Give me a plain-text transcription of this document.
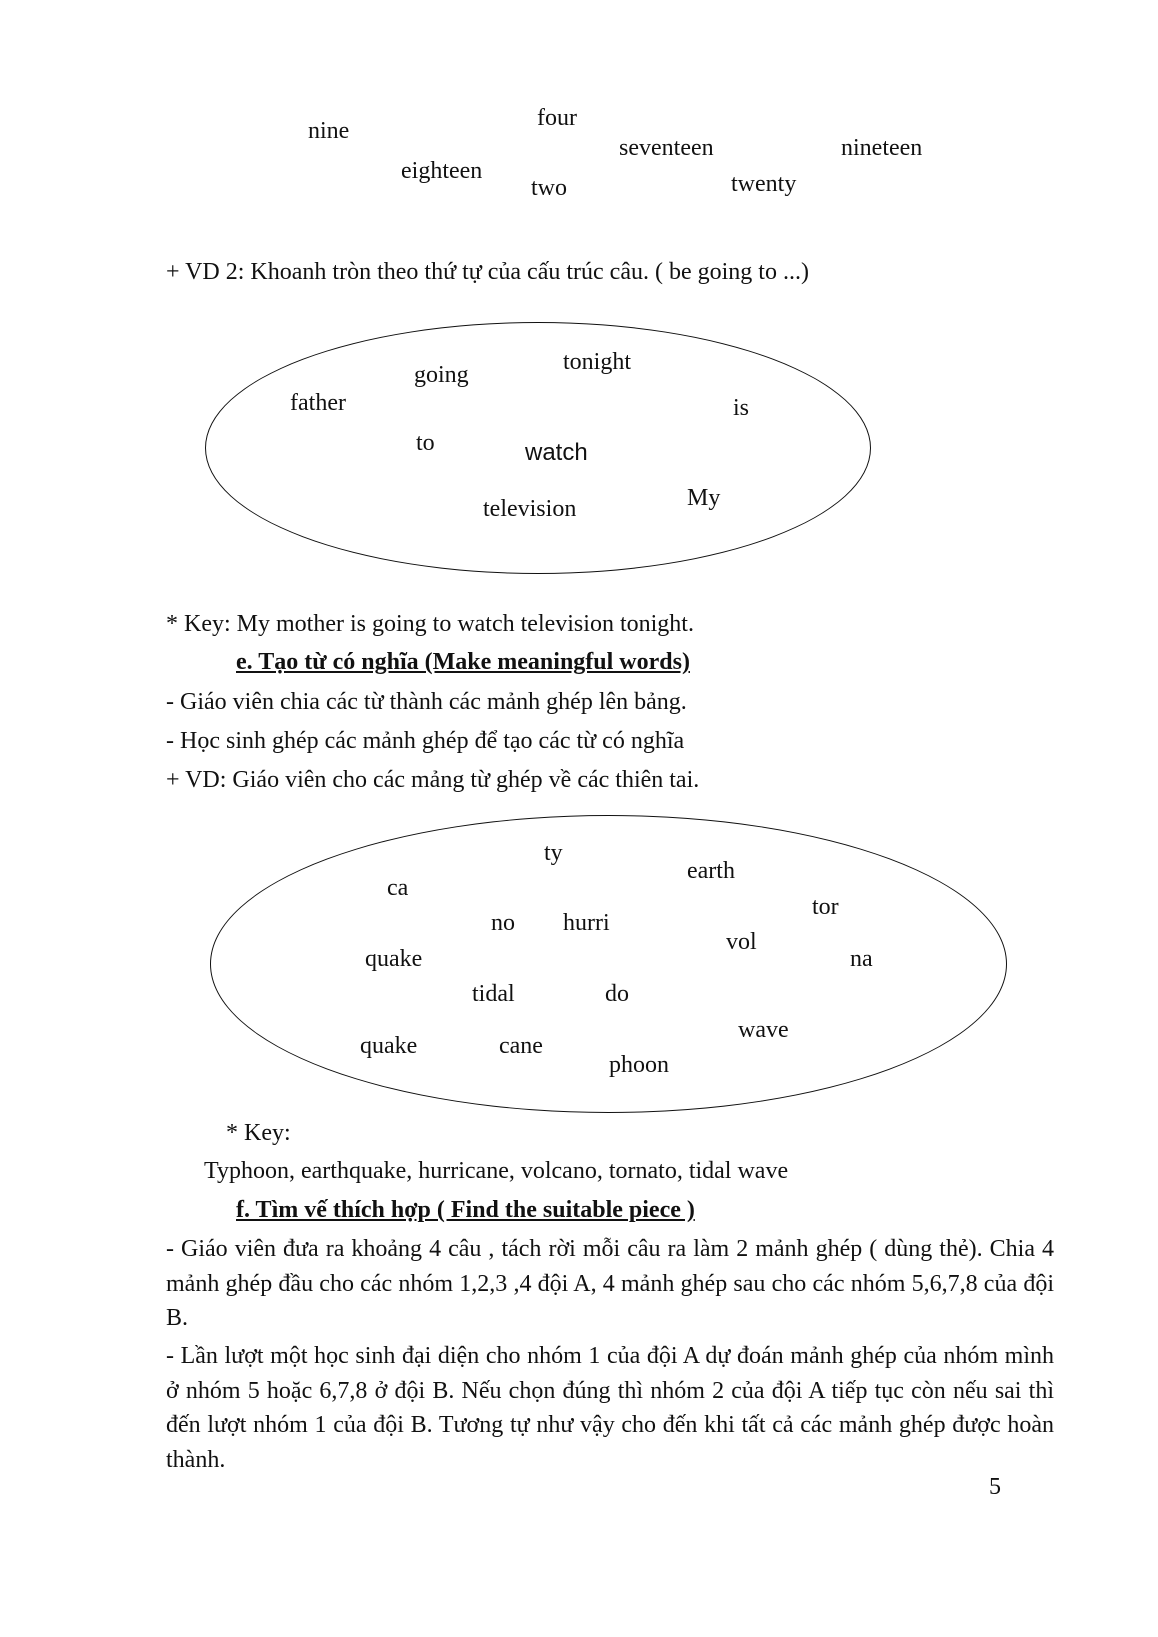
four
nine
seventeen	nineteen
eighteen	twenty
two
+ VD 2: Khoanh tròn theo thứ tự của cấu trúc câu. ( be going to ...)
tonight
going
father	is
to	watch
My
television
* Key: My mother is going to watch television tonight.
e. Tạo từ có nghĩa (Make meaningful words)
- Giáo viên chia các từ thành các mảnh ghép lên bảng.
- Học sinh ghép các mảnh ghép để tạo các từ có nghĩa
+ VD: Giáo viên cho các mảng từ ghép về các thiên tai.
ty
earth
ca
tor
no hurri
vol
quake	na
tidal	do
wave
quake	cane
phoon
* Key:
Typhoon, earthquake, hurricane, volcano, tornato, tidal wave
f. Tìm vế thích hợp ( Find the suitable piece )
- Giáo viên đưa ra khoảng 4 câu , tách rời mỗi câu ra làm 2 mảnh ghép ( dùng thẻ). Chia 4 mảnh ghép đầu cho các nhóm 1,2,3 ,4 đội A, 4 mảnh ghép sau cho các nhóm 5,6,7,8 của đội B.
- Lần lượt một học sinh đại diện cho nhóm 1 của đội A dự đoán mảnh ghép của nhóm mình ở nhóm 5 hoặc 6,7,8 ở đội B. Nếu chọn đúng thì nhóm 2 của đội A tiếp tục còn nếu sai thì đến lượt nhóm 1 của đội B. Tương tự như vậy cho đến khi tất cả các mảnh ghép được hoàn thành.
5
